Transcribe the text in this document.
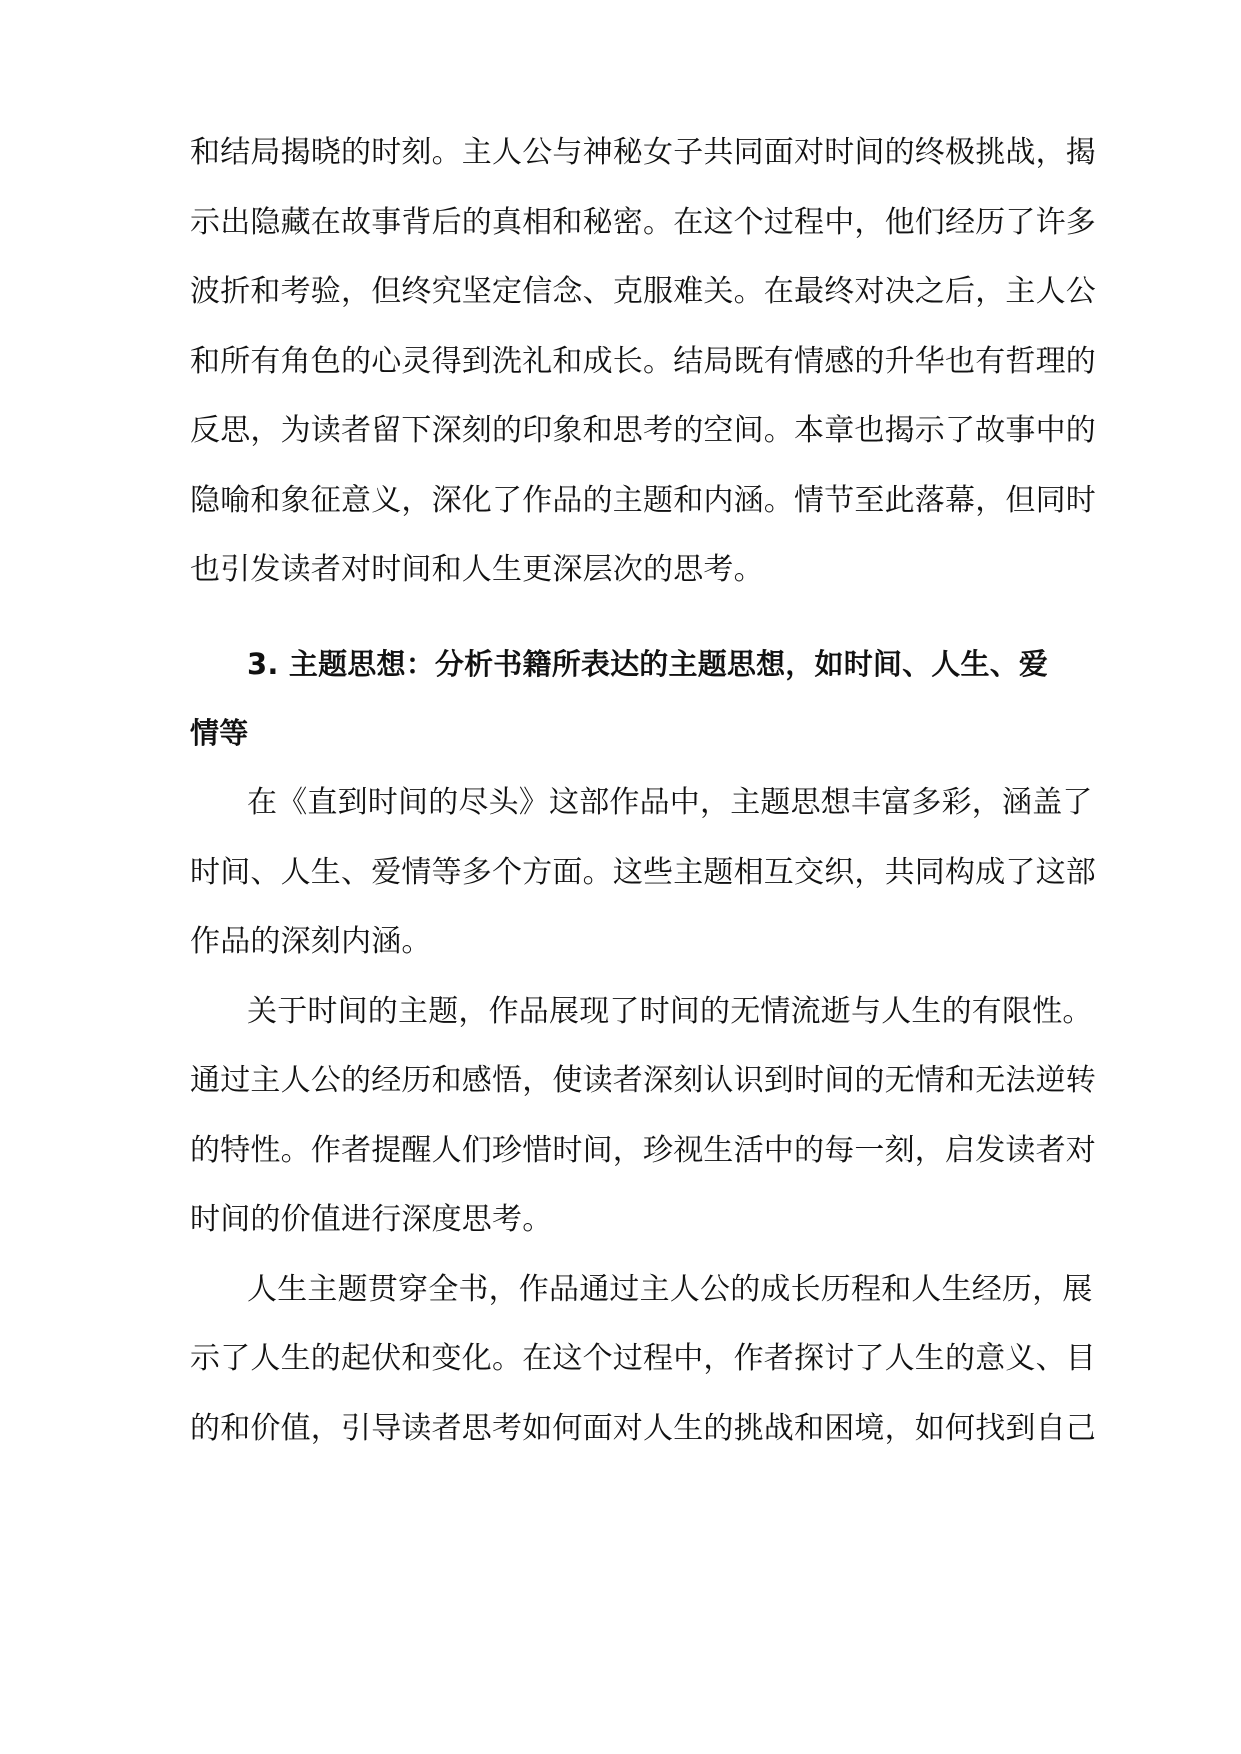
和结局揭晓的时刻。主人公与神秘女子共同面对时间的终极挑战，揭
示出隐藏在故事背后的真相和秘密。在这个过程中，他们经历了许多
波折和考验，但终究坚定信念、克服难关。在最终对决之后，主人公
和所有角色的心灵得到洗礼和成长。结局既有情感的升华也有哲理的
反思，为读者留下深刻的印象和思考的空间。本章也揭示了故事中的
隐喻和象征意义，深化了作品的主题和内涵。情节至此落幕，但同时
也引发读者对时间和人生更深层次的思考。
3. 主题思想：分析书籍所表达的主题思想，如时间、人生、爱
情等
在《直到时间的尽头》这部作品中，主题思想丰富多彩，涵盖了
时间、人生、爱情等多个方面。这些主题相互交织，共同构成了这部
作品的深刻内涵。
关于时间的主题，作品展现了时间的无情流逝与人生的有限性。
通过主人公的经历和感悟，使读者深刻认识到时间的无情和无法逆转
的特性。作者提醒人们珍惜时间，珍视生活中的每一刻，启发读者对
时间的价值进行深度思考。
人生主题贯穿全书，作品通过主人公的成长历程和人生经历，展
示了人生的起伏和变化。在这个过程中，作者探讨了人生的意义、目
的和价值，引导读者思考如何面对人生的挑战和困境，如何找到自己
